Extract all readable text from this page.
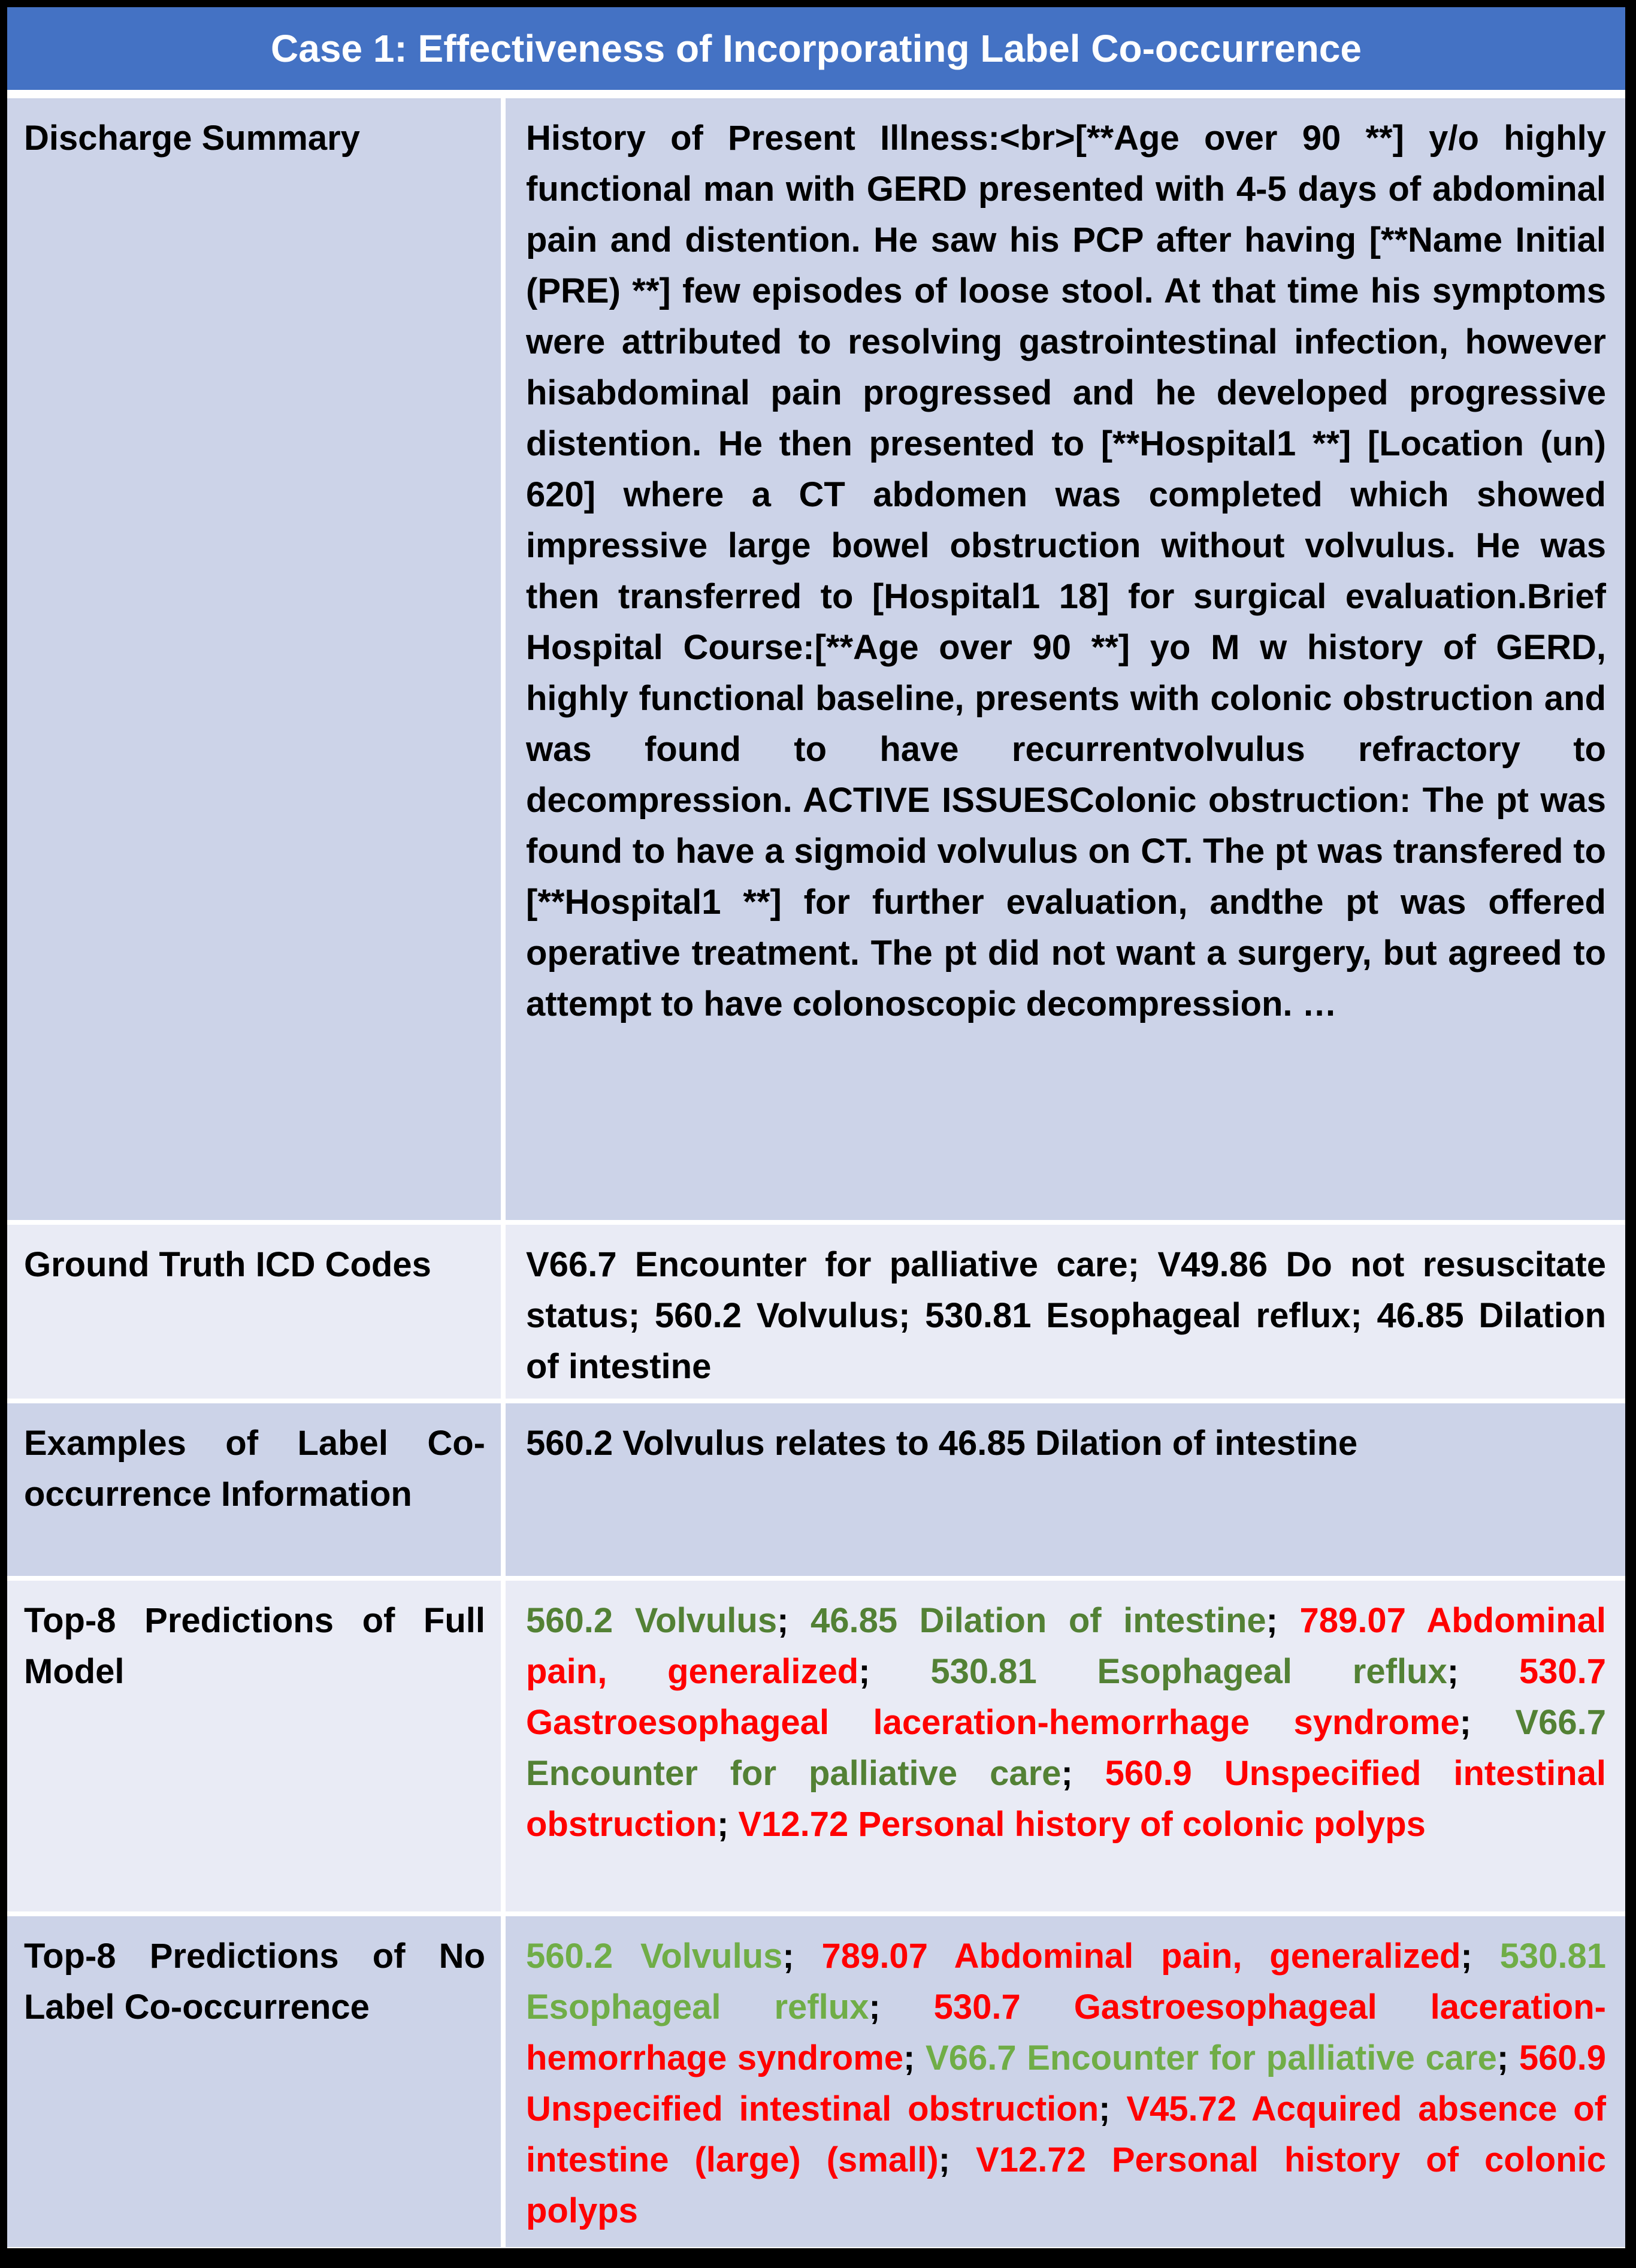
Case 1: Effectiveness of Incorporating Label Co-occurrence
Discharge Summary	History of Present Illness:<br>[**Age over 90 **] y/o highly functional man with GERD presented with 4-5 days of abdominal pain and distention. He saw his PCP after having [**Name Initial (PRE) **] few episodes of loose stool. At that time his symptoms were attributed to resolving gastrointestinal infection, however hisabdominal pain progressed and he developed progressive distention. He then presented to [**Hospital1 **] [Location (un) 620] where a CT abdomen was completed which showed impressive large bowel obstruction without volvulus. He was then transferred to [Hospital1 18] for surgical evaluation.Brief Hospital Course:[**Age over 90 **] yo M w history of GERD, highly functional baseline, presents with colonic obstruction and was found to have recurrentvolvulus refractory to decompression. ACTIVE ISSUESColonic obstruction: The pt was found to have a sigmoid volvulus on CT. The pt was transfered to [**Hospital1 **] for further evaluation, andthe pt was offered operative treatment. The pt did not want a surgery, but agreed to attempt to have colonoscopic decompression. …
Ground Truth ICD Codes	V66.7 Encounter for palliative care; V49.86 Do not resuscitate status; 560.2 Volvulus; 530.81 Esophageal reflux; 46.85 Dilation of intestine
Examples of Label Co-occurrence Information
560.2 Volvulus relates to 46.85 Dilation of intestine
Top-8 Predictions of Full Model
560.2 Volvulus; 46.85 Dilation of intestine; 789.07 Abdominal pain, generalized; 530.81 Esophageal reflux; 530.7 Gastroesophageal laceration-hemorrhage syndrome; V66.7 Encounter for palliative care; 560.9 Unspecified intestinal obstruction; V12.72 Personal history of colonic polyps
Top-8 Predictions of No Label Co-occurrence
560.2 Volvulus; 789.07 Abdominal pain, generalized; 530.81 Esophageal reflux; 530.7 Gastroesophageal laceration-hemorrhage syndrome; V66.7 Encounter for palliative care; 560.9 Unspecified intestinal obstruction; V45.72 Acquired absence of intestine (large) (small); V12.72 Personal history of colonic polyps
